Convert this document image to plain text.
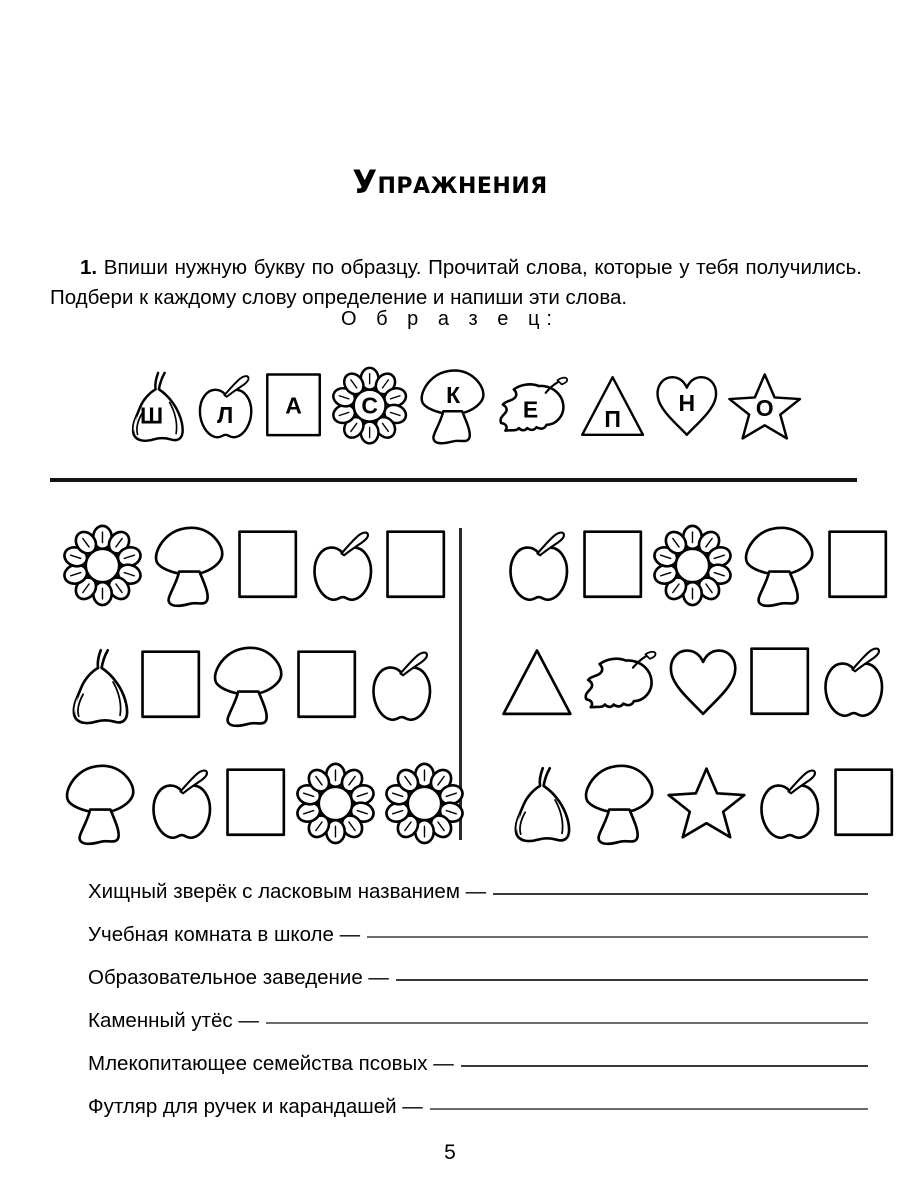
Упражнения

1. Впиши нужную букву по образцу. Прочитай слова, которые у тебя получились. Подбери к каждому слову определение и напиши эти слова.

О б р а з е ц:
Ш Л А С К
Е П
Н О
Хищный зверёк с ласковым названием —
Учебная комната в школе —
Образовательное заведение —
Каменный утёс —
Млекопитающее семейства псовых —
Футляр для ручек и карандашей —
5
